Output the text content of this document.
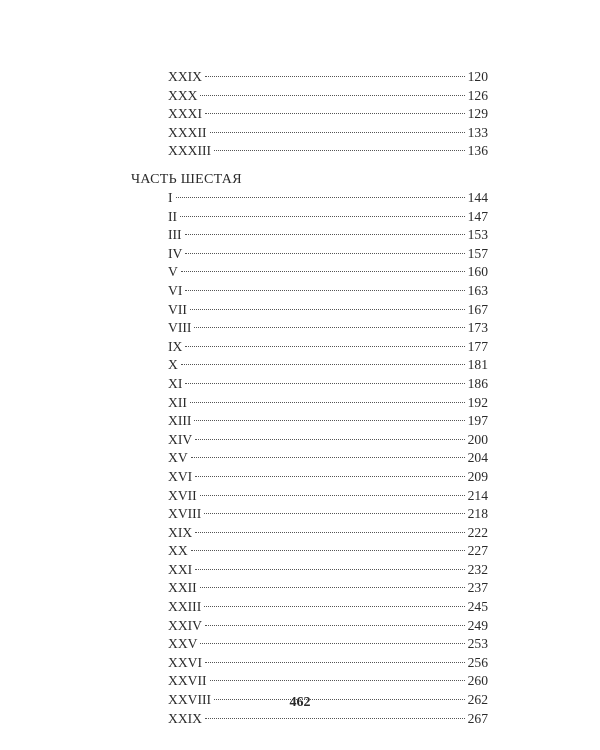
XXIX	120
XXX	126
XXXI	129
XXXII	133
XXXIII	136
ЧАСТЬ ШЕСТАЯ
I	144
II	147
III	153
IV	157
V	160
VI	163
VII	167
VIII	173
IX	177
X	181
XI	186
XII	192
XIII	197
XIV	200
XV	204
XVI	209
XVII	214
XVIII	218
XIX	222
XX	227
XXI	232
XXII	237
XXIII	245
XXIV	249
XXV	253
XXVI	256
XXVII	260
XXVIII	262
XXIX	267
462
